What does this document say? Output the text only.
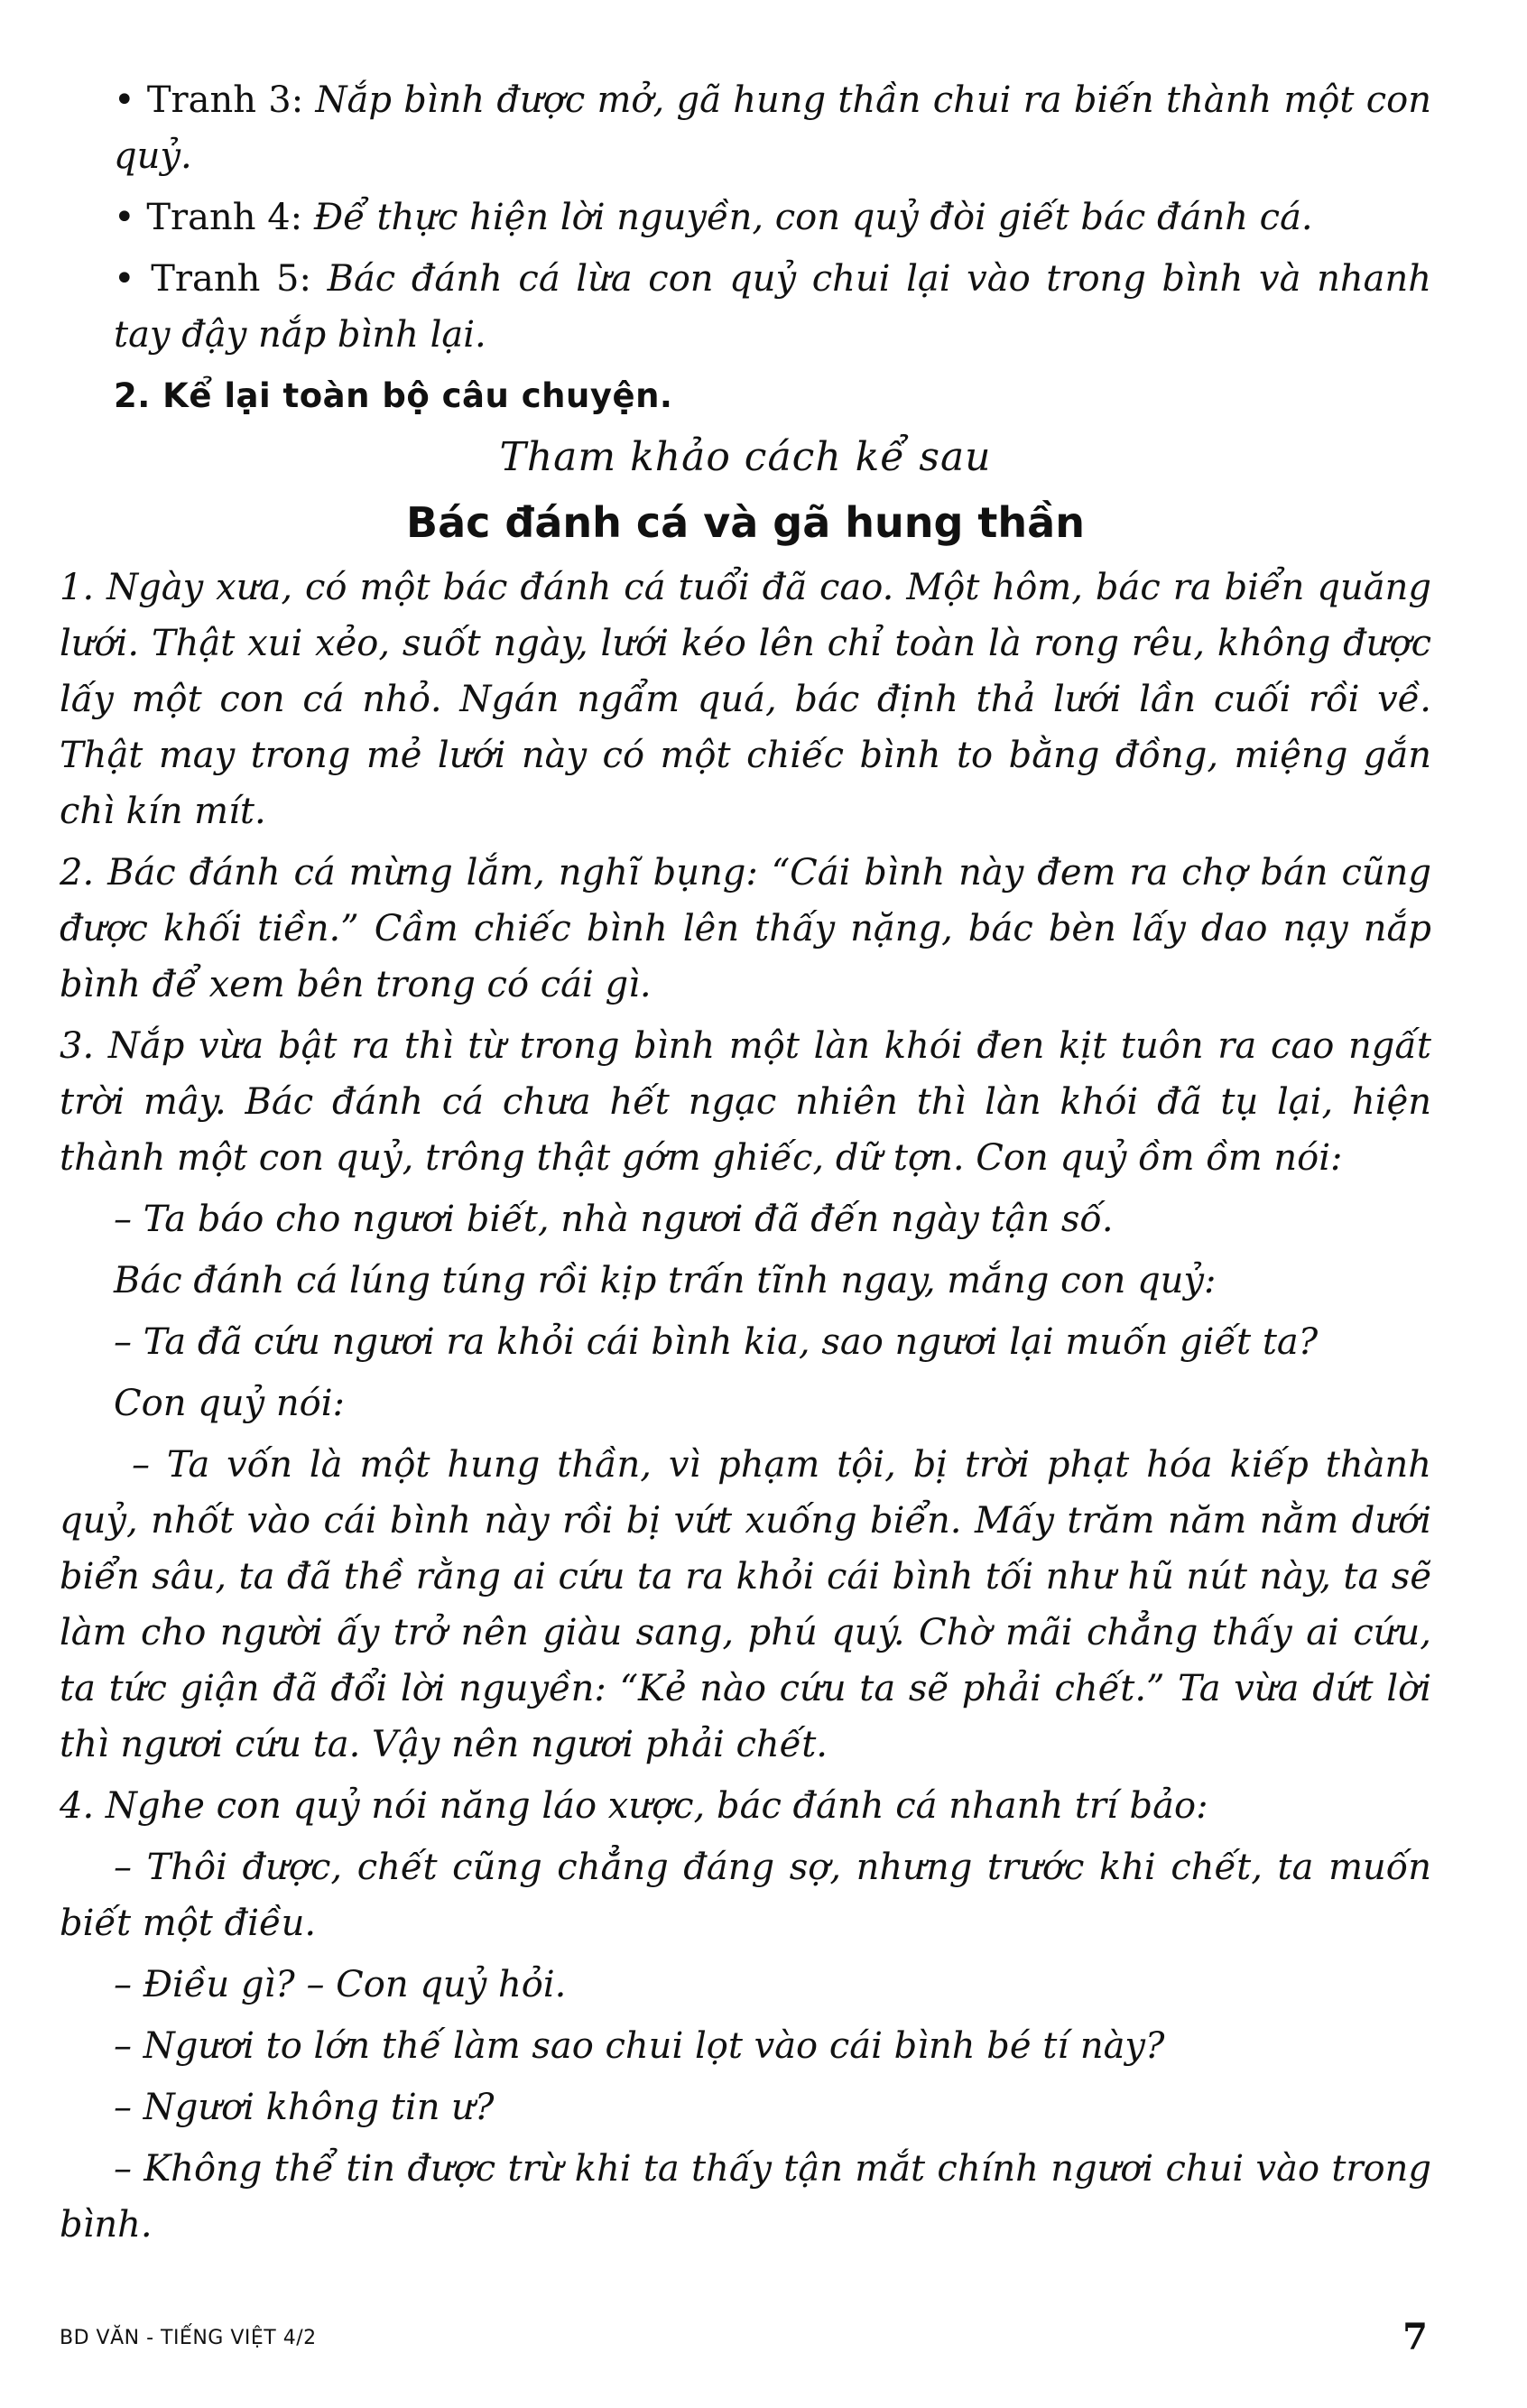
• Tranh 3: Nắp bình được mở, gã hung thần chui ra biến thành một con quỷ.

• Tranh 4: Để thực hiện lời nguyền, con quỷ đòi giết bác đánh cá.

• Tranh 5: Bác đánh cá lừa con quỷ chui lại vào trong bình và nhanh tay đậy nắp bình lại.

2. Kể lại toàn bộ câu chuyện.
Tham khảo cách kể sau
Bác đánh cá và gã hung thần

1. Ngày xưa, có một bác đánh cá tuổi đã cao. Một hôm, bác ra biển quăng lưới. Thật xui xẻo, suốt ngày, lưới kéo lên chỉ toàn là rong rêu, không được lấy một con cá nhỏ. Ngán ngẩm quá, bác định thả lưới lần cuối rồi về. Thật may trong mẻ lưới này có một chiếc bình to bằng đồng, miệng gắn chì kín mít.

2. Bác đánh cá mừng lắm, nghĩ bụng: “Cái bình này đem ra chợ bán cũng được khối tiền.” Cầm chiếc bình lên thấy nặng, bác bèn lấy dao nạy nắp bình để xem bên trong có cái gì.

3. Nắp vừa bật ra thì từ trong bình một làn khói đen kịt tuôn ra cao ngất trời mây. Bác đánh cá chưa hết ngạc nhiên thì làn khói đã tụ lại, hiện thành một con quỷ, trông thật gớm ghiếc, dữ tợn. Con quỷ ồm ồm nói:

– Ta báo cho ngươi biết, nhà ngươi đã đến ngày tận số.

Bác đánh cá lúng túng rồi kịp trấn tĩnh ngay, mắng con quỷ:

– Ta đã cứu ngươi ra khỏi cái bình kia, sao ngươi lại muốn giết ta?

Con quỷ nói:

– Ta vốn là một hung thần, vì phạm tội, bị trời phạt hóa kiếp thành quỷ, nhốt vào cái bình này rồi bị vứt xuống biển. Mấy trăm năm nằm dưới biển sâu, ta đã thề rằng ai cứu ta ra khỏi cái bình tối như hũ nút này, ta sẽ làm cho người ấy trở nên giàu sang, phú quý. Chờ mãi chẳng thấy ai cứu, ta tức giận đã đổi lời nguyền: “Kẻ nào cứu ta sẽ phải chết.” Ta vừa dứt lời thì ngươi cứu ta. Vậy nên ngươi phải chết.

4. Nghe con quỷ nói năng láo xược, bác đánh cá nhanh trí bảo:

– Thôi được, chết cũng chẳng đáng sợ, nhưng trước khi chết, ta muốn biết một điều.

– Điều gì? – Con quỷ hỏi.

– Ngươi to lớn thế làm sao chui lọt vào cái bình bé tí này?

– Ngươi không tin ư?

– Không thể tin được trừ khi ta thấy tận mắt chính ngươi chui vào trong bình.

BD VĂN - TIẾNG VIỆT 4/2	7
